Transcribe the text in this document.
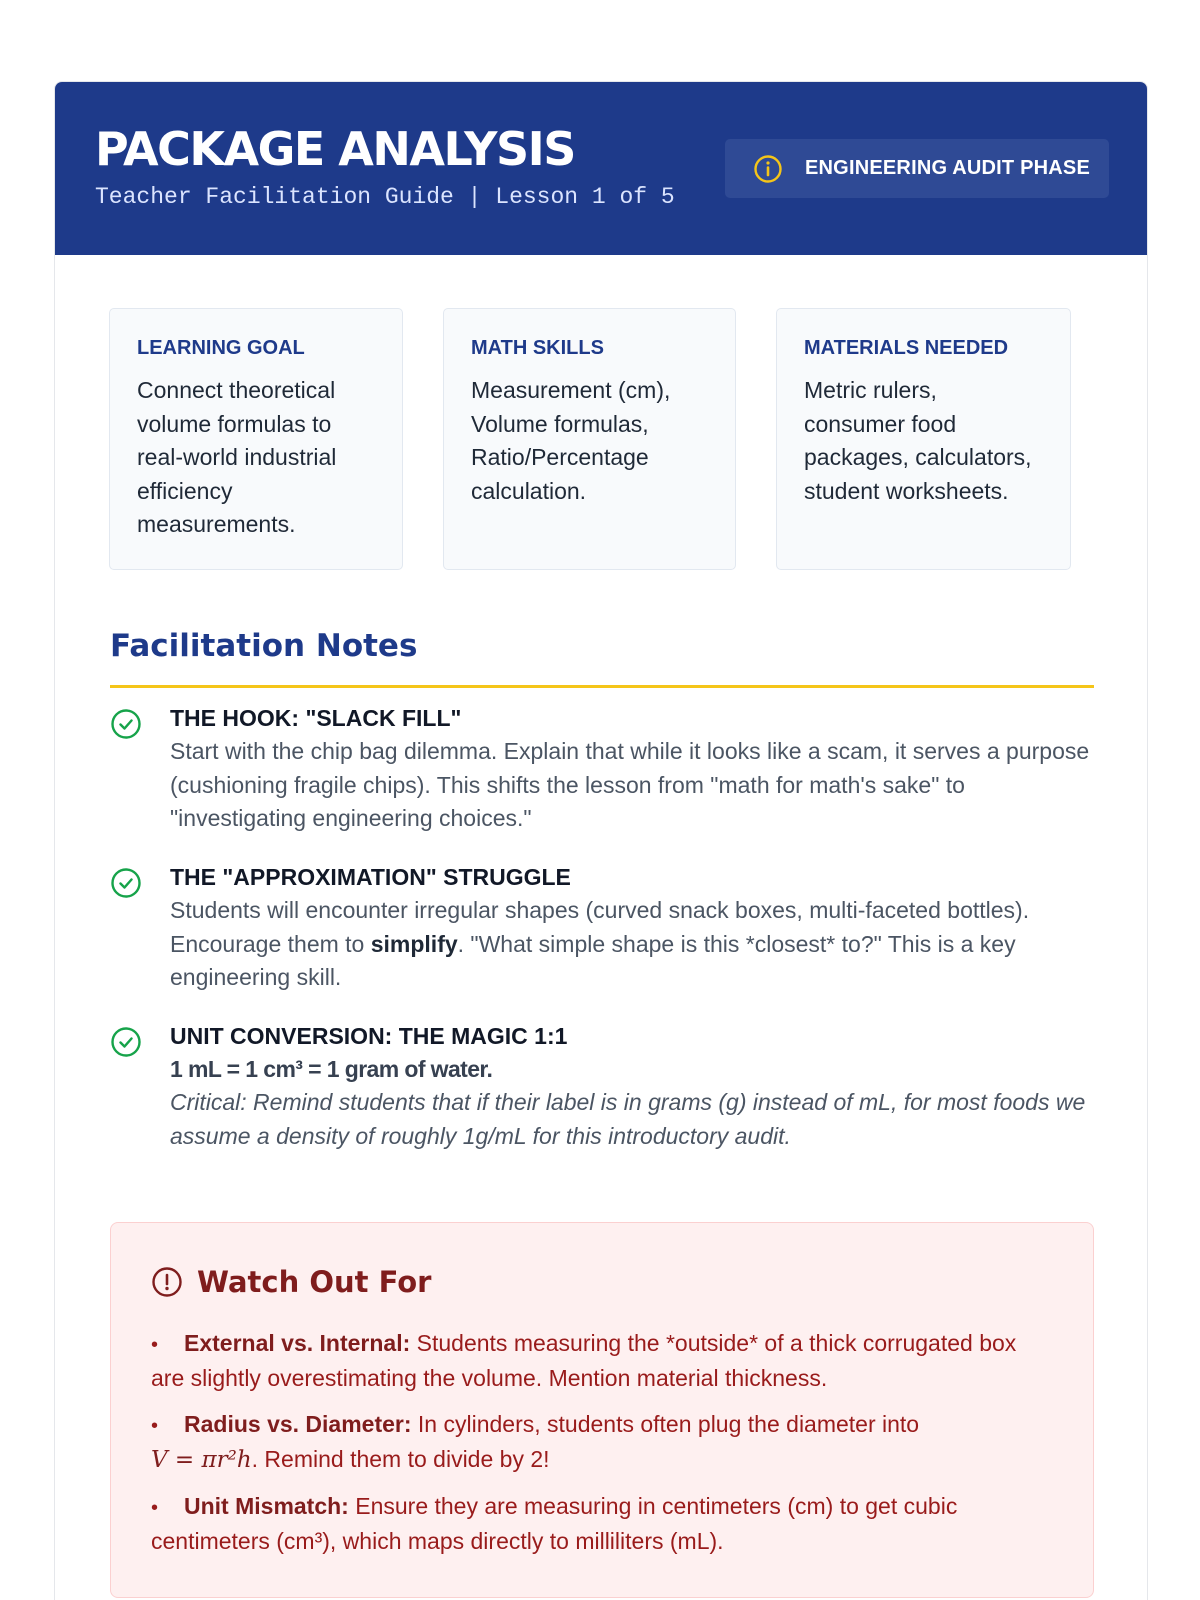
PACKAGE ANALYSIS
Teacher Facilitation Guide | Lesson 1 of 5
ENGINEERING AUDIT PHASE
LEARNING GOAL
Connect theoretical volume formulas to real-world industrial efficiency measurements.
MATH SKILLS
Measurement (cm), Volume formulas, Ratio/Percentage calculation.
MATERIALS NEEDED
Metric rulers, consumer food packages, calculators, student worksheets.
Facilitation Notes
THE HOOK: "SLACK FILL"
Start with the chip bag dilemma. Explain that while it looks like a scam, it serves a purpose (cushioning fragile chips). This shifts the lesson from "math for math's sake" to "investigating engineering choices."
THE "APPROXIMATION" STRUGGLE
Students will encounter irregular shapes (curved snack boxes, multi-faceted bottles). Encourage them to simplify. "What simple shape is this *closest* to?" This is a key engineering skill.
UNIT CONVERSION: THE MAGIC 1:1
1 mL = 1 cm³ = 1 gram of water.
Critical: Remind students that if their label is in grams (g) instead of mL, for most foods we assume a density of roughly 1g/mL for this introductory audit.
Watch Out For
• External vs. Internal: Students measuring the *outside* of a thick corrugated box are slightly overestimating the volume. Mention material thickness.
• Radius vs. Diameter: In cylinders, students often plug the diameter into
V = πr²h. Remind them to divide by 2!
• Unit Mismatch: Ensure they are measuring in centimeters (cm) to get cubic centimeters (cm³), which maps directly to milliliters (mL).
